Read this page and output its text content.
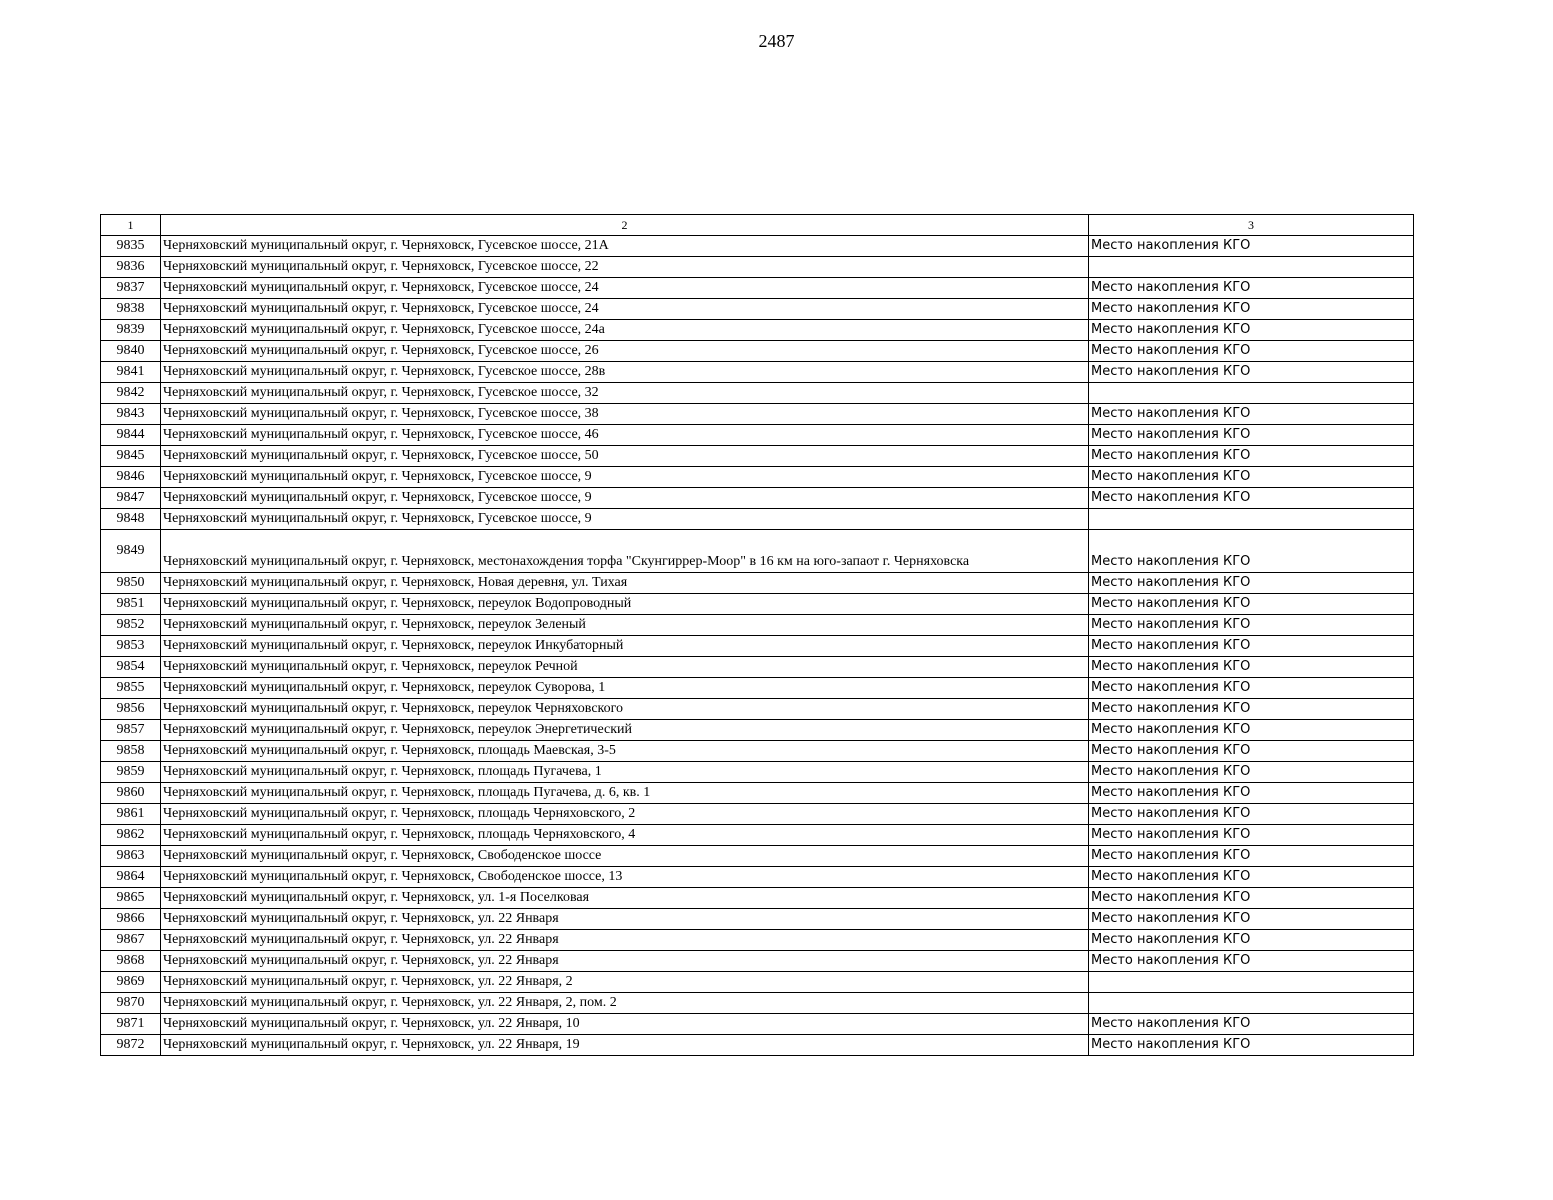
2487
1	2	3
9835	Черняховский муниципальный округ, г. Черняховск, Гусевское шоссе, 21А	Место накопления КГО
9836	Черняховский муниципальный округ, г. Черняховск, Гусевское шоссе, 22	
9837	Черняховский муниципальный округ, г. Черняховск, Гусевское шоссе, 24	Место накопления КГО
9838	Черняховский муниципальный округ, г. Черняховск, Гусевское шоссе, 24	Место накопления КГО
9839	Черняховский муниципальный округ, г. Черняховск, Гусевское шоссе, 24а	Место накопления КГО
9840	Черняховский муниципальный округ, г. Черняховск, Гусевское шоссе, 26	Место накопления КГО
9841	Черняховский муниципальный округ, г. Черняховск, Гусевское шоссе, 28в	Место накопления КГО
9842	Черняховский муниципальный округ, г. Черняховск, Гусевское шоссе, 32	
9843	Черняховский муниципальный округ, г. Черняховск, Гусевское шоссе, 38	Место накопления КГО
9844	Черняховский муниципальный округ, г. Черняховск, Гусевское шоссе, 46	Место накопления КГО
9845	Черняховский муниципальный округ, г. Черняховск, Гусевское шоссе, 50	Место накопления КГО
9846	Черняховский муниципальный округ, г. Черняховск, Гусевское шоссе, 9	Место накопления КГО
9847	Черняховский муниципальный округ, г. Черняховск, Гусевское шоссе, 9	Место накопления КГО
9848	Черняховский муниципальный округ, г. Черняховск, Гусевское шоссе, 9	
9849	Черняховский муниципальный округ, г. Черняховск, местонахождения торфа "Скунгиррер-Моор" в 16 км на юго-запаот г. Черняховска	Место накопления КГО
9850	Черняховский муниципальный округ, г. Черняховск, Новая деревня, ул. Тихая	Место накопления КГО
9851	Черняховский муниципальный округ, г. Черняховск, переулок Водопроводный	Место накопления КГО
9852	Черняховский муниципальный округ, г. Черняховск, переулок Зеленый	Место накопления КГО
9853	Черняховский муниципальный округ, г. Черняховск, переулок Инкубаторный	Место накопления КГО
9854	Черняховский муниципальный округ, г. Черняховск, переулок Речной	Место накопления КГО
9855	Черняховский муниципальный округ, г. Черняховск, переулок Суворова, 1	Место накопления КГО
9856	Черняховский муниципальный округ, г. Черняховск, переулок Черняховского	Место накопления КГО
9857	Черняховский муниципальный округ, г. Черняховск, переулок Энергетический	Место накопления КГО
9858	Черняховский муниципальный округ, г. Черняховск, площадь Маевская, 3-5	Место накопления КГО
9859	Черняховский муниципальный округ, г. Черняховск, площадь Пугачева, 1	Место накопления КГО
9860	Черняховский муниципальный округ, г. Черняховск, площадь Пугачева, д. 6, кв. 1	Место накопления КГО
9861	Черняховский муниципальный округ, г. Черняховск, площадь Черняховского, 2	Место накопления КГО
9862	Черняховский муниципальный округ, г. Черняховск, площадь Черняховского, 4	Место накопления КГО
9863	Черняховский муниципальный округ, г. Черняховск, Свободенское шоссе	Место накопления КГО
9864	Черняховский муниципальный округ, г. Черняховск, Свободенское шоссе, 13	Место накопления КГО
9865	Черняховский муниципальный округ, г. Черняховск, ул. 1-я Поселковая	Место накопления КГО
9866	Черняховский муниципальный округ, г. Черняховск, ул. 22 Января	Место накопления КГО
9867	Черняховский муниципальный округ, г. Черняховск, ул. 22 Января	Место накопления КГО
9868	Черняховский муниципальный округ, г. Черняховск, ул. 22 Января	Место накопления КГО
9869	Черняховский муниципальный округ, г. Черняховск, ул. 22 Января, 2	
9870	Черняховский муниципальный округ, г. Черняховск, ул. 22 Января, 2, пом. 2	
9871	Черняховский муниципальный округ, г. Черняховск, ул. 22 Января, 10	Место накопления КГО
9872	Черняховский муниципальный округ, г. Черняховск, ул. 22 Января, 19	Место накопления КГО
